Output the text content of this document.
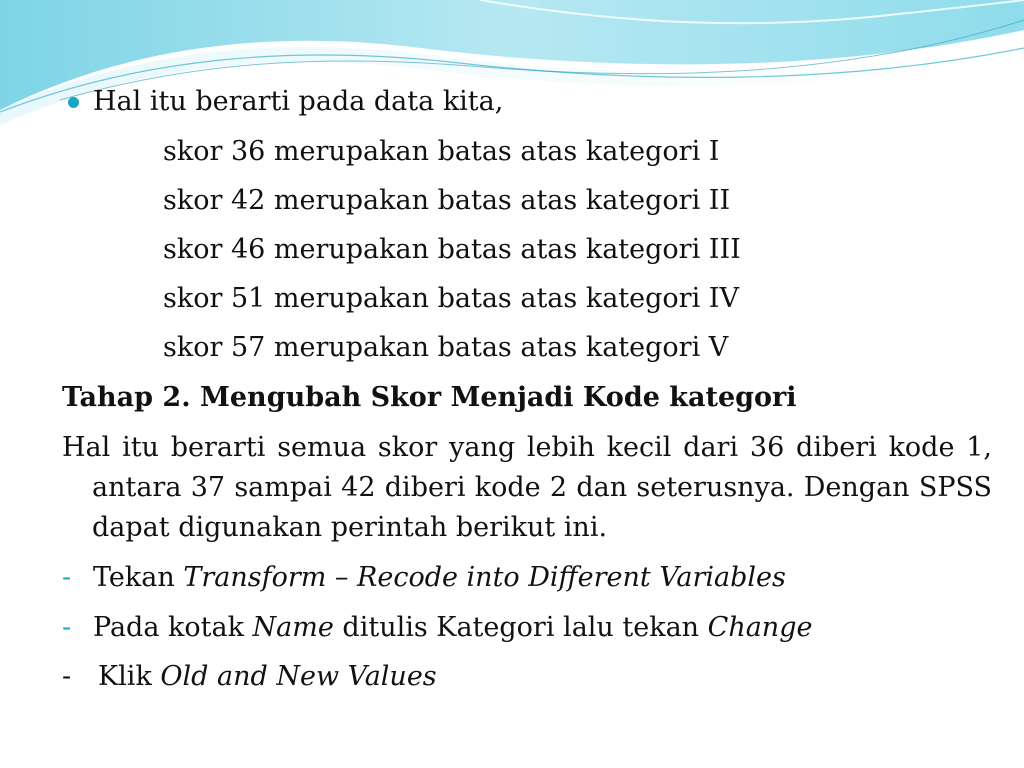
Hal itu berarti pada data kita,
skor 36 merupakan batas atas kategori I
skor 42 merupakan batas atas kategori II
skor 46 merupakan batas atas kategori III
skor 51 merupakan batas atas kategori IV
skor 57 merupakan batas atas kategori V
Tahap 2. Mengubah Skor Menjadi Kode kategori
Hal itu berarti semua skor yang lebih kecil dari 36 diberi kode 1, antara 37 sampai 42 diberi kode 2 dan seterusnya. Dengan SPSS dapat digunakan perintah berikut ini.
- Tekan Transform – Recode into Different Variables
- Pada kotak Name ditulis Kategori lalu tekan Change
- Klik Old and New Values
